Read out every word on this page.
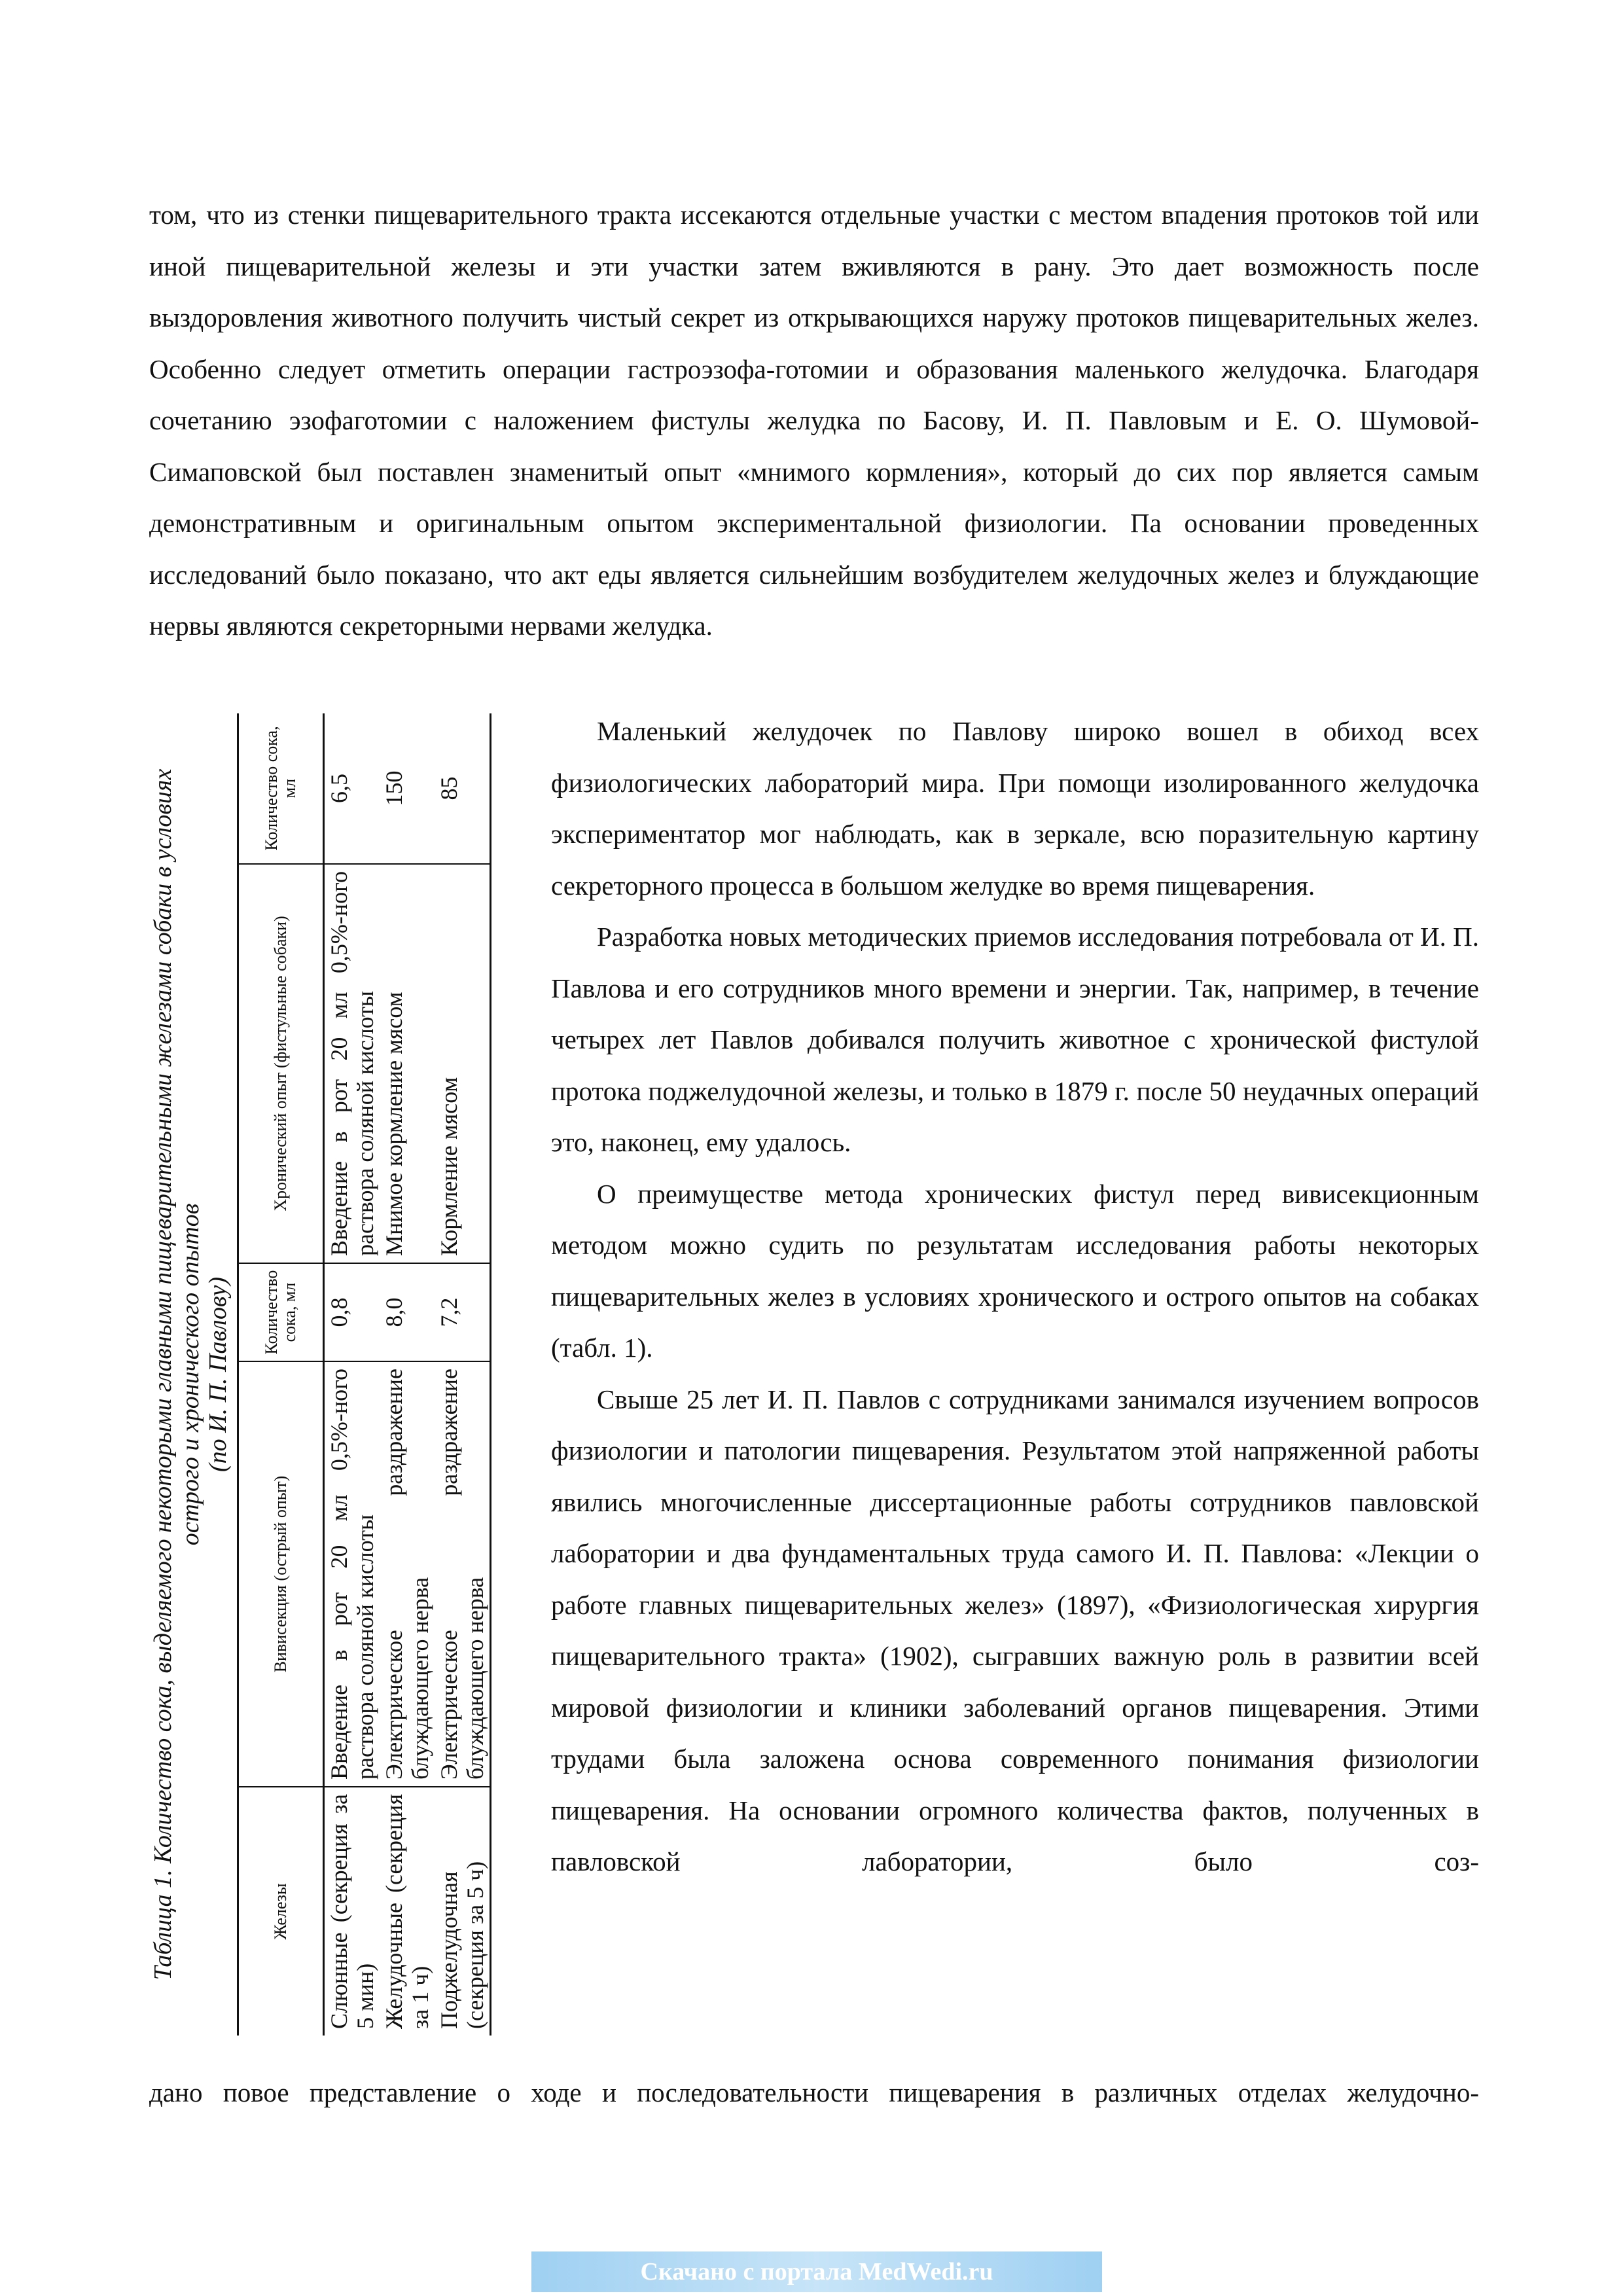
том, что из стенки пищеварительного тракта иссекаются отдельные участки с местом впадения протоков той или иной пищеварительной железы и эти участки затем вживляются в рану. Это дает возможность после выздоровления животного получить чистый секрет из открывающихся наружу протоков пищеварительных желез. Особенно следует отметить операции гастроэзофа-готомии и образования маленького желудочка. Благодаря сочетанию эзофаготомии с наложением фистулы желудка по Басову, И. П. Павловым и Е. О. Шумовой-Симаповской был поставлен знаменитый опыт «мнимого кормления», который до сих пор является самым демонстративным и оригинальным опытом экспериментальной физиологии. Па основании проведенных исследований было показано, что акт еды является сильнейшим возбудителем желудочных желез и блуждающие нервы являются секреторными нервами желудка.

Таблица 1. Количество сока, выделяемого некоторыми главными пищеварительными железами собаки в условиях
острого и хронического опытов
(по И. П. Павлову)

Железы	Вивисекция (острый опыт)	Количество сока, мл	Хронический опыт (фистульные собаки)	Количество сока, мл
Слюнные (секреция за 5 мин)	Введение в рот 20 мл 0,5%-ного раствора соляной кислоты	0,8	Введение в рот 20 мл 0,5%-ного раствора соляной кислоты	6,5
Желудочные (секреция за 1 ч)	Электрическое раздражение блуждающего нерва	8,0	Мнимое кормление мясом	150
Поджелудочная (секреция за 5 ч)	Электрическое раздражение блуждающего нерва	7,2	Кормление мясом	85

Маленький желудочек по Павлову широко вошел в обиход всех физиологических лабораторий мира. При помощи изолированного желудочка экспериментатор мог наблюдать, как в зеркале, всю поразительную картину секреторного процесса в большом желудке во время пищеварения.

Разработка новых методических приемов исследования потребовала от И. П. Павлова и его сотрудников много времени и энергии. Так, например, в течение четырех лет Павлов добивался получить животное с хронической фистулой протока поджелудочной железы, и только в 1879 г. после 50 неудачных операций это, наконец, ему удалось.

О преимуществе метода хронических фистул перед вивисекционным методом можно судить по результатам исследования работы некоторых пищеварительных желез в условиях хронического и острого опытов на собаках (табл. 1).

Свыше 25 лет И. П. Павлов с сотрудниками занимался изучением вопросов физиологии и патологии пищеварения. Результатом этой напряженной работы явились многочисленные диссертационные работы сотрудников павловской лаборатории и два фундаментальных труда самого И. П. Павлова: «Лекции о работе главных пищеварительных желез» (1897), «Физиологическая хирургия пищеварительного тракта» (1902), сыгравших важную роль в развитии всей мировой физиологии и клиники заболеваний органов пищеварения. Этими трудами была заложена основа современного понимания физиологии пищеварения. На основании огромного количества фактов, полученных в павловской лаборатории, было соз-

дано повое представление о ходе и последовательности пищеварения в различных отделах желудочно-

Скачано с портала MedWedi.ru
